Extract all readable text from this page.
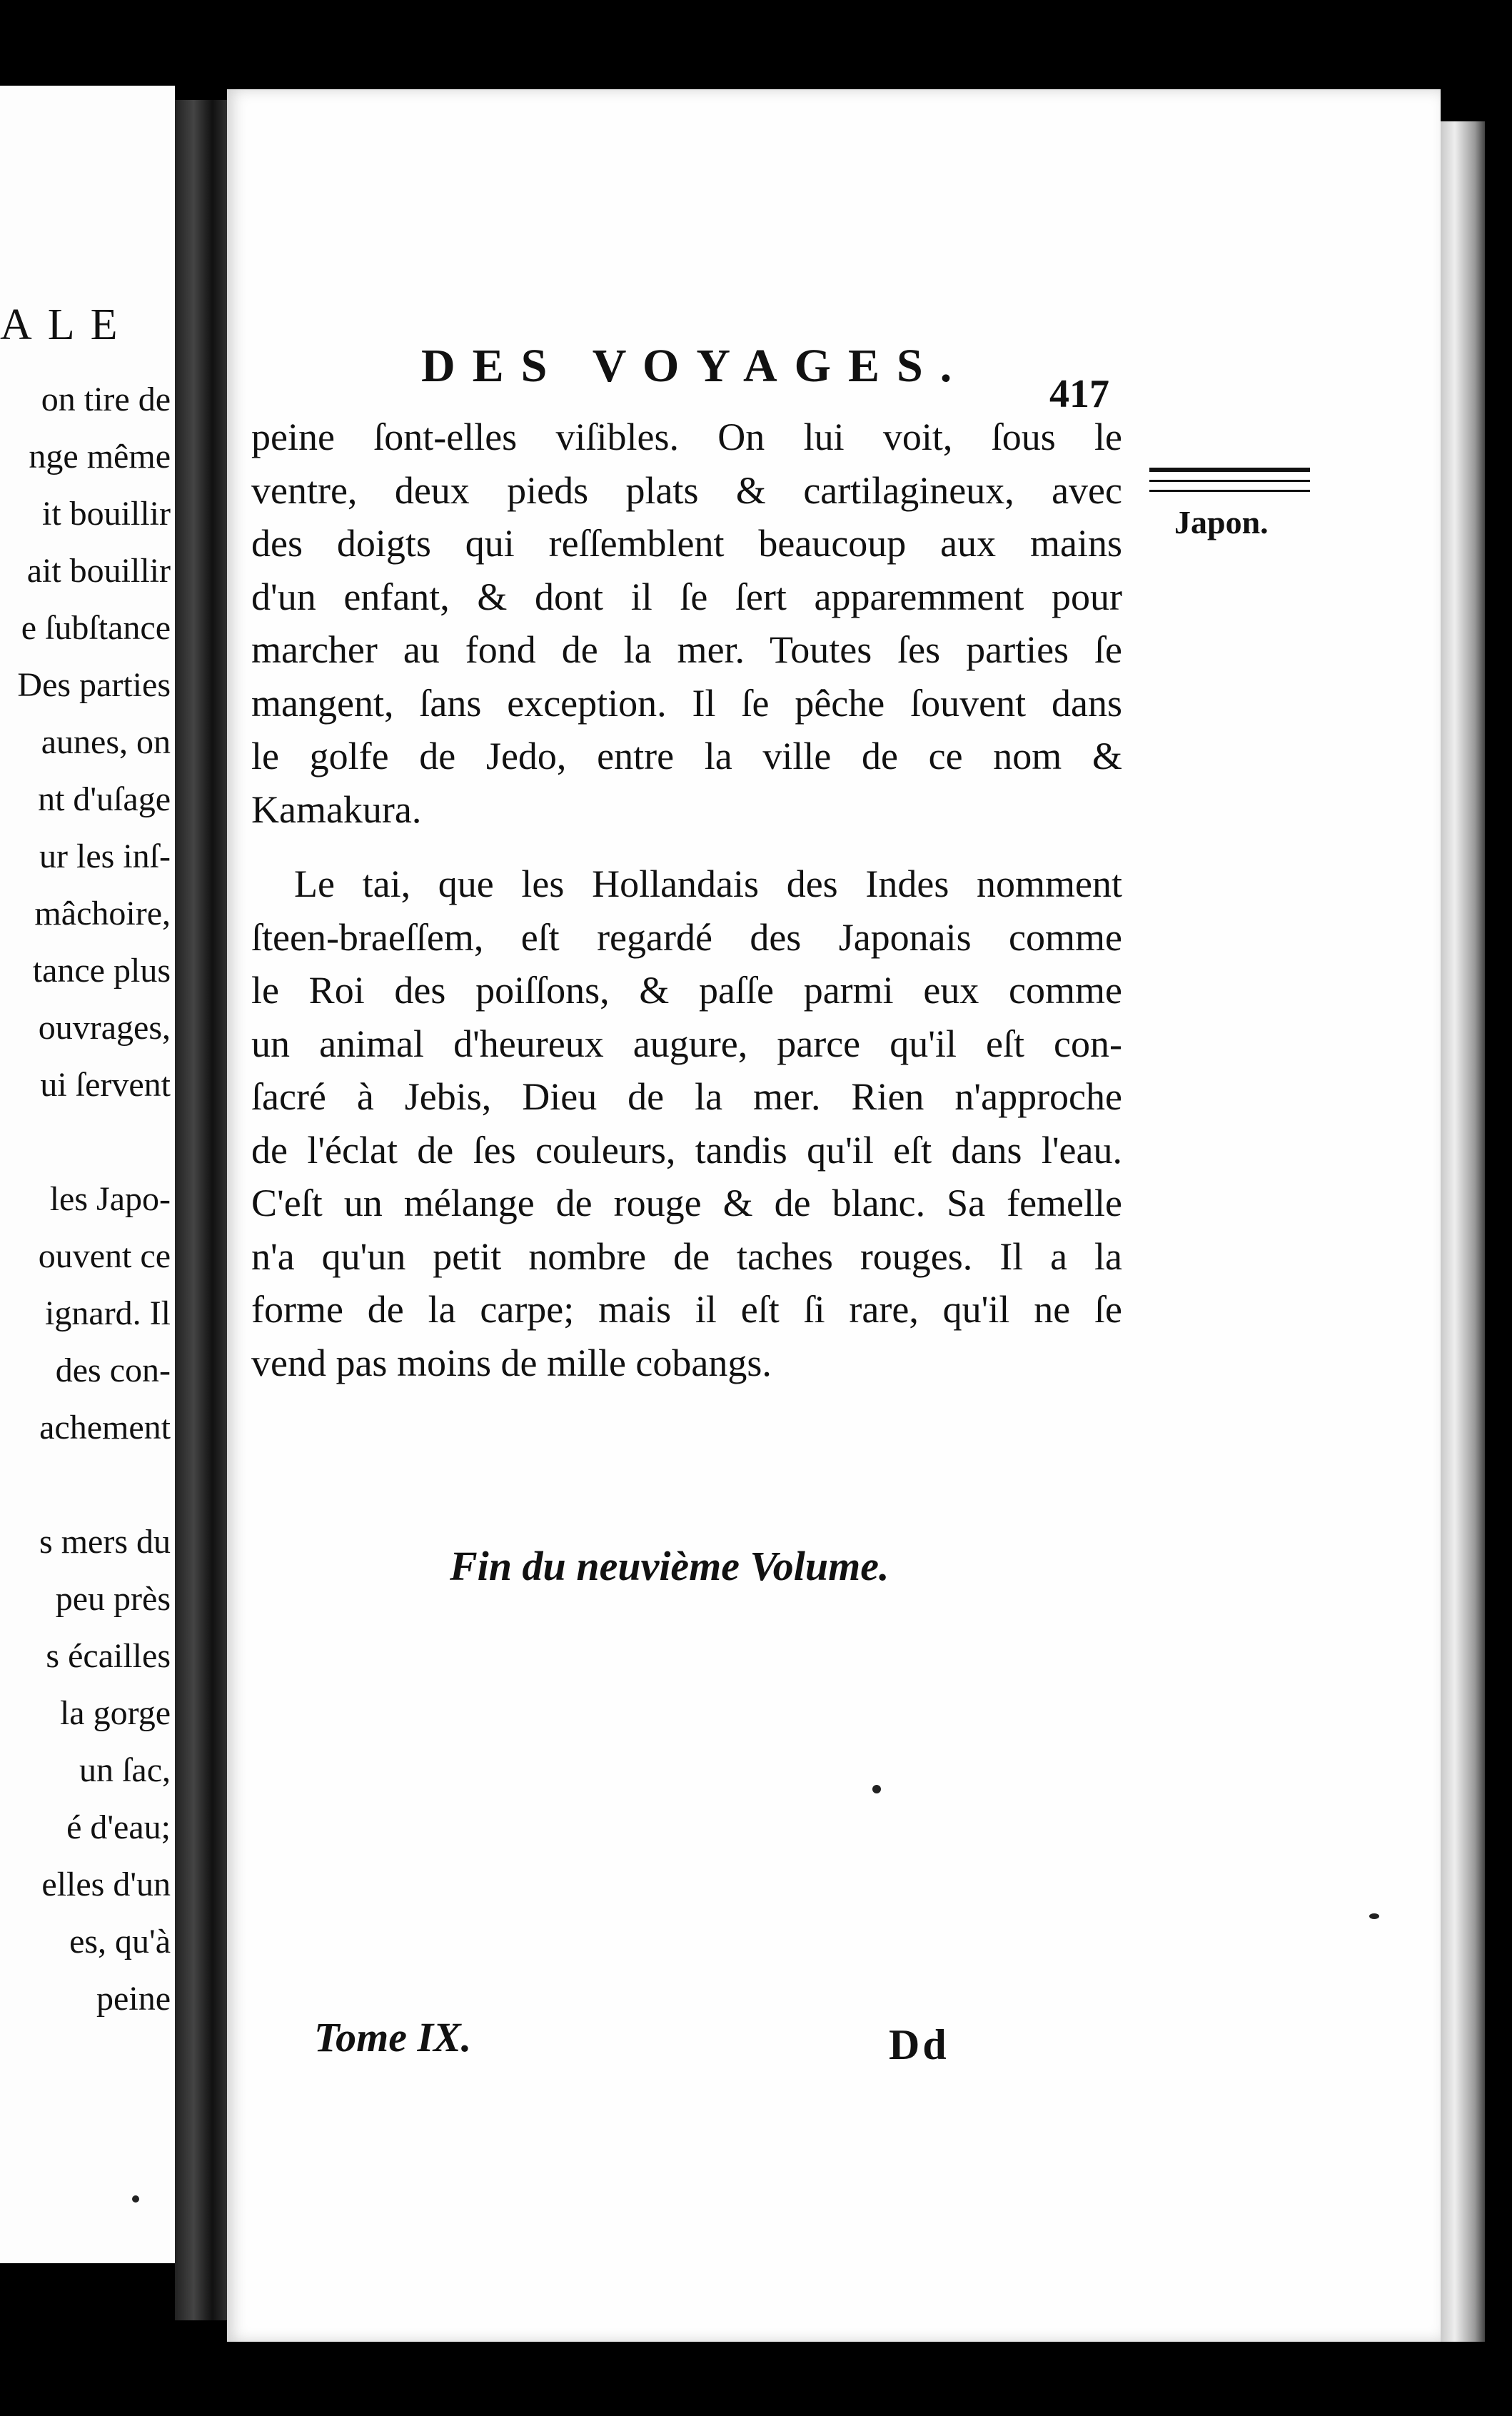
ALE
on tire de
nge même
it bouillir
ait bouillir
e ſubſtance
Des parties
aunes, on
nt d'uſage
ur les inſ-
mâchoire,
tance plus
ouvrages,
ui ſervent
les Japo-
ouvent ce
ignard. Il
des con-
achement
s mers du
peu près
s écailles
la gorge
un ſac,
é d'eau;
elles d'un
es, qu'à
peine
DES VOYAGES.
417
Japon.
peine ſont-elles viſibles. On lui voit, ſous le
ventre, deux pieds plats & cartilagineux, avec
des doigts qui reſſemblent beaucoup aux mains
d'un enfant, & dont il ſe ſert apparemment pour
marcher au fond de la mer. Toutes ſes parties ſe
mangent, ſans exception. Il ſe pêche ſouvent dans
le golfe de Jedo, entre la ville de ce nom &
Kamakura.
Le tai, que les Hollandais des Indes nomment
ſteen-braeſſem, eſt regardé des Japonais comme
le Roi des poiſſons, & paſſe parmi eux comme
un animal d'heureux augure, parce qu'il eſt con-
ſacré à Jebis, Dieu de la mer. Rien n'approche
de l'éclat de ſes couleurs, tandis qu'il eſt dans l'eau.
C'eſt un mélange de rouge & de blanc. Sa femelle
n'a qu'un petit nombre de taches rouges. Il a la
forme de la carpe; mais il eſt ſi rare, qu'il ne ſe
vend pas moins de mille cobangs.
Fin du neuvième Volume.
Tome IX.	Dd
